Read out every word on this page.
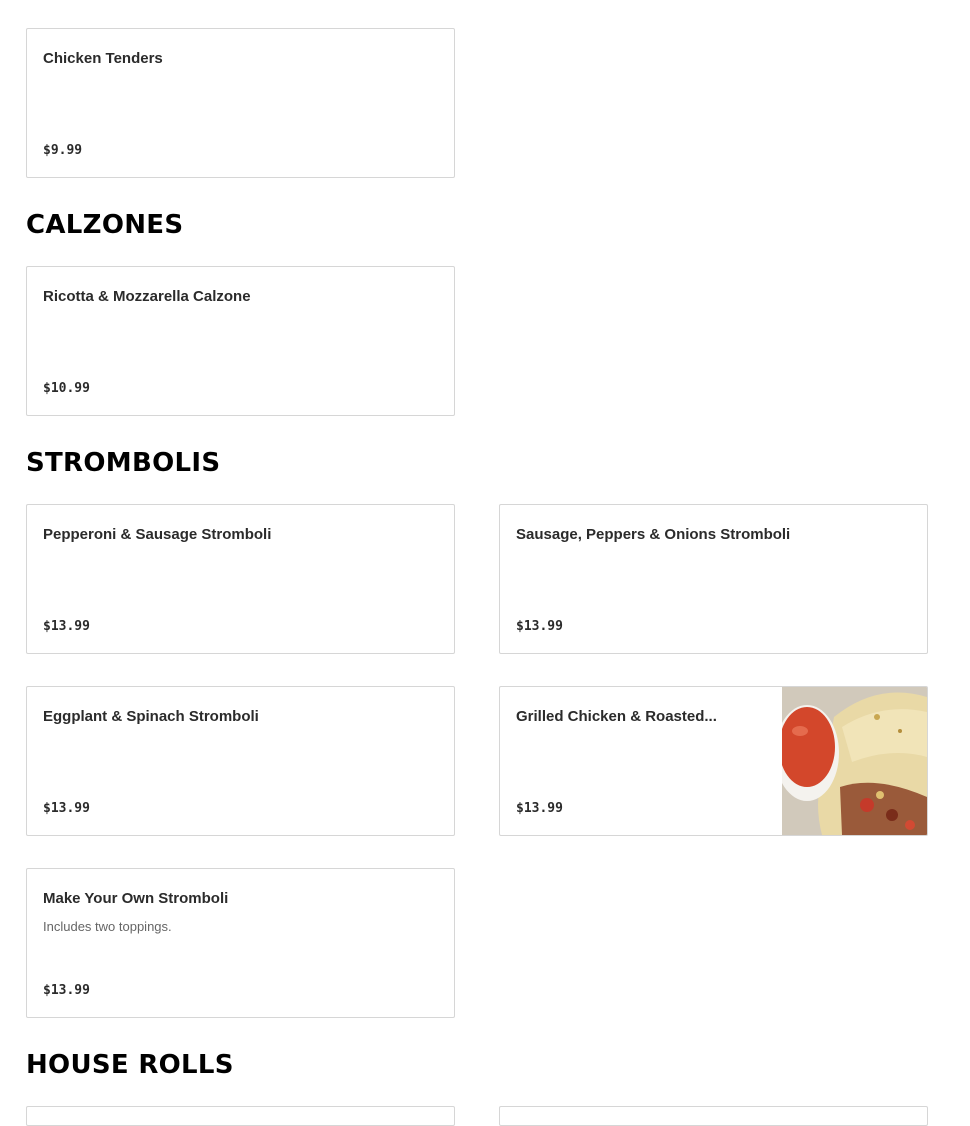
Chicken Tenders
$9.99
CALZONES
Ricotta & Mozzarella Calzone
$10.99
STROMBOLIS
Pepperoni & Sausage Stromboli
$13.99
Sausage, Peppers & Onions Stromboli
$13.99
Eggplant & Spinach Stromboli
$13.99
Grilled Chicken & Roasted...
$13.99
Make Your Own Stromboli
Includes two toppings.
$13.99
HOUSE ROLLS
